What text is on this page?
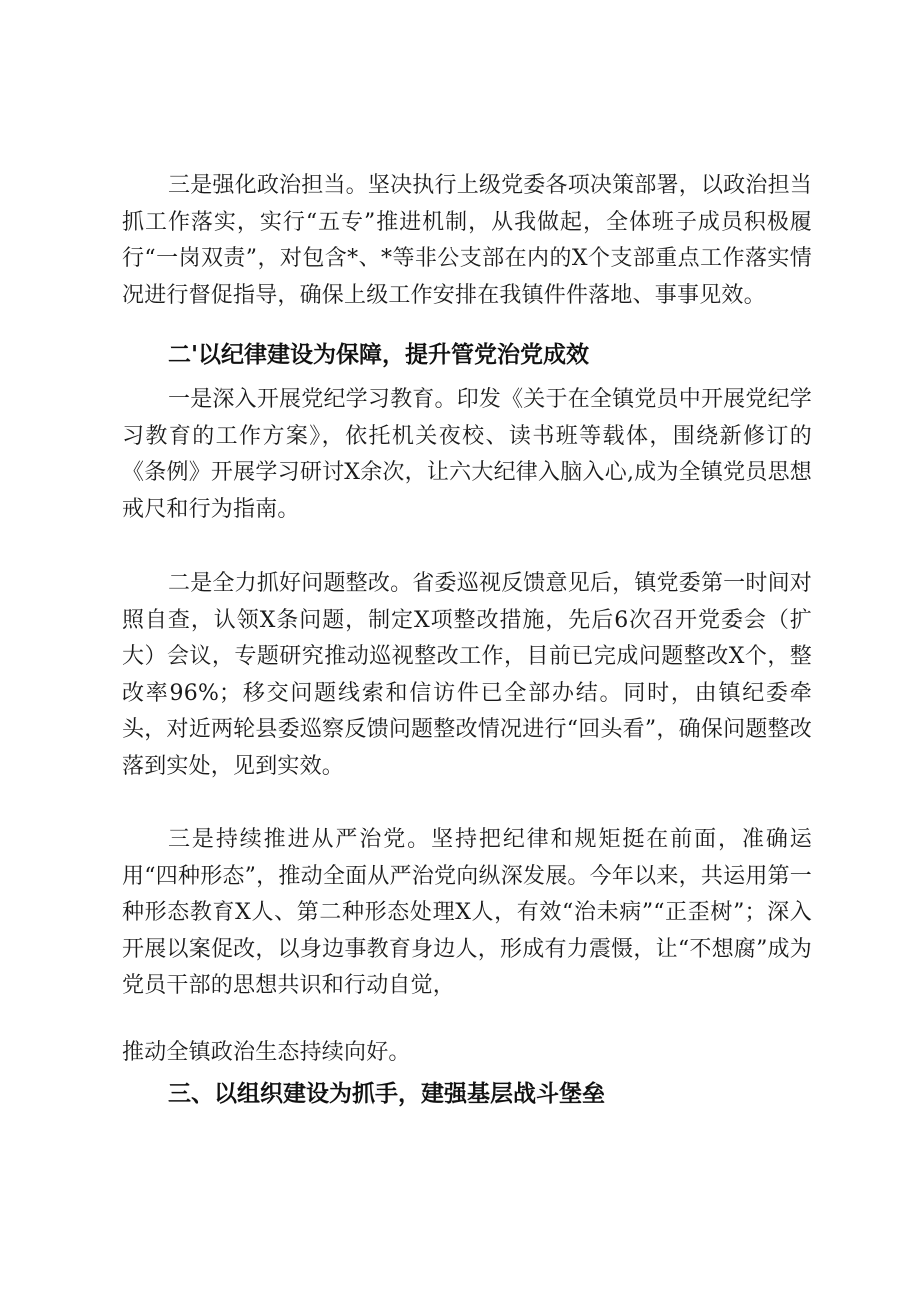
三是强化政治担当。坚决执行上级党委各项决策部署，以政治担当抓工作落实，实行“五专”推进机制，从我做起，全体班子成员积极履行“一岗双责”，对包含*、*等非公支部在内的X个支部重点工作落实情况进行督促指导，确保上级工作安排在我镇件件落地、事事见效。

二'以纪律建设为保障，提升管党治党成效

一是深入开展党纪学习教育。印发《关于在全镇党员中开展党纪学习教育的工作方案》，依托机关夜校、读书班等载体，围绕新修订的《条例》开展学习研讨X余次，让六大纪律入脑入心,成为全镇党员思想戒尺和行为指南。

二是全力抓好问题整改。省委巡视反馈意见后，镇党委第一时间对照自查，认领X条问题，制定X项整改措施，先后6次召开党委会（扩大）会议，专题研究推动巡视整改工作，目前已完成问题整改X个，整改率96%；移交问题线索和信访件已全部办结。同时，由镇纪委牵头，对近两轮县委巡察反馈问题整改情况进行“回头看”，确保问题整改落到实处，见到实效。

三是持续推进从严治党。坚持把纪律和规矩挺在前面，准确运用“四种形态”，推动全面从严治党向纵深发展。今年以来，共运用第一种形态教育X人、第二种形态处理X人，有效“治未病”“正歪树”；深入开展以案促改，以身边事教育身边人，形成有力震慑，让“不想腐”成为党员干部的思想共识和行动自觉，

推动全镇政治生态持续向好。

三、以组织建设为抓手，建强基层战斗堡垒
